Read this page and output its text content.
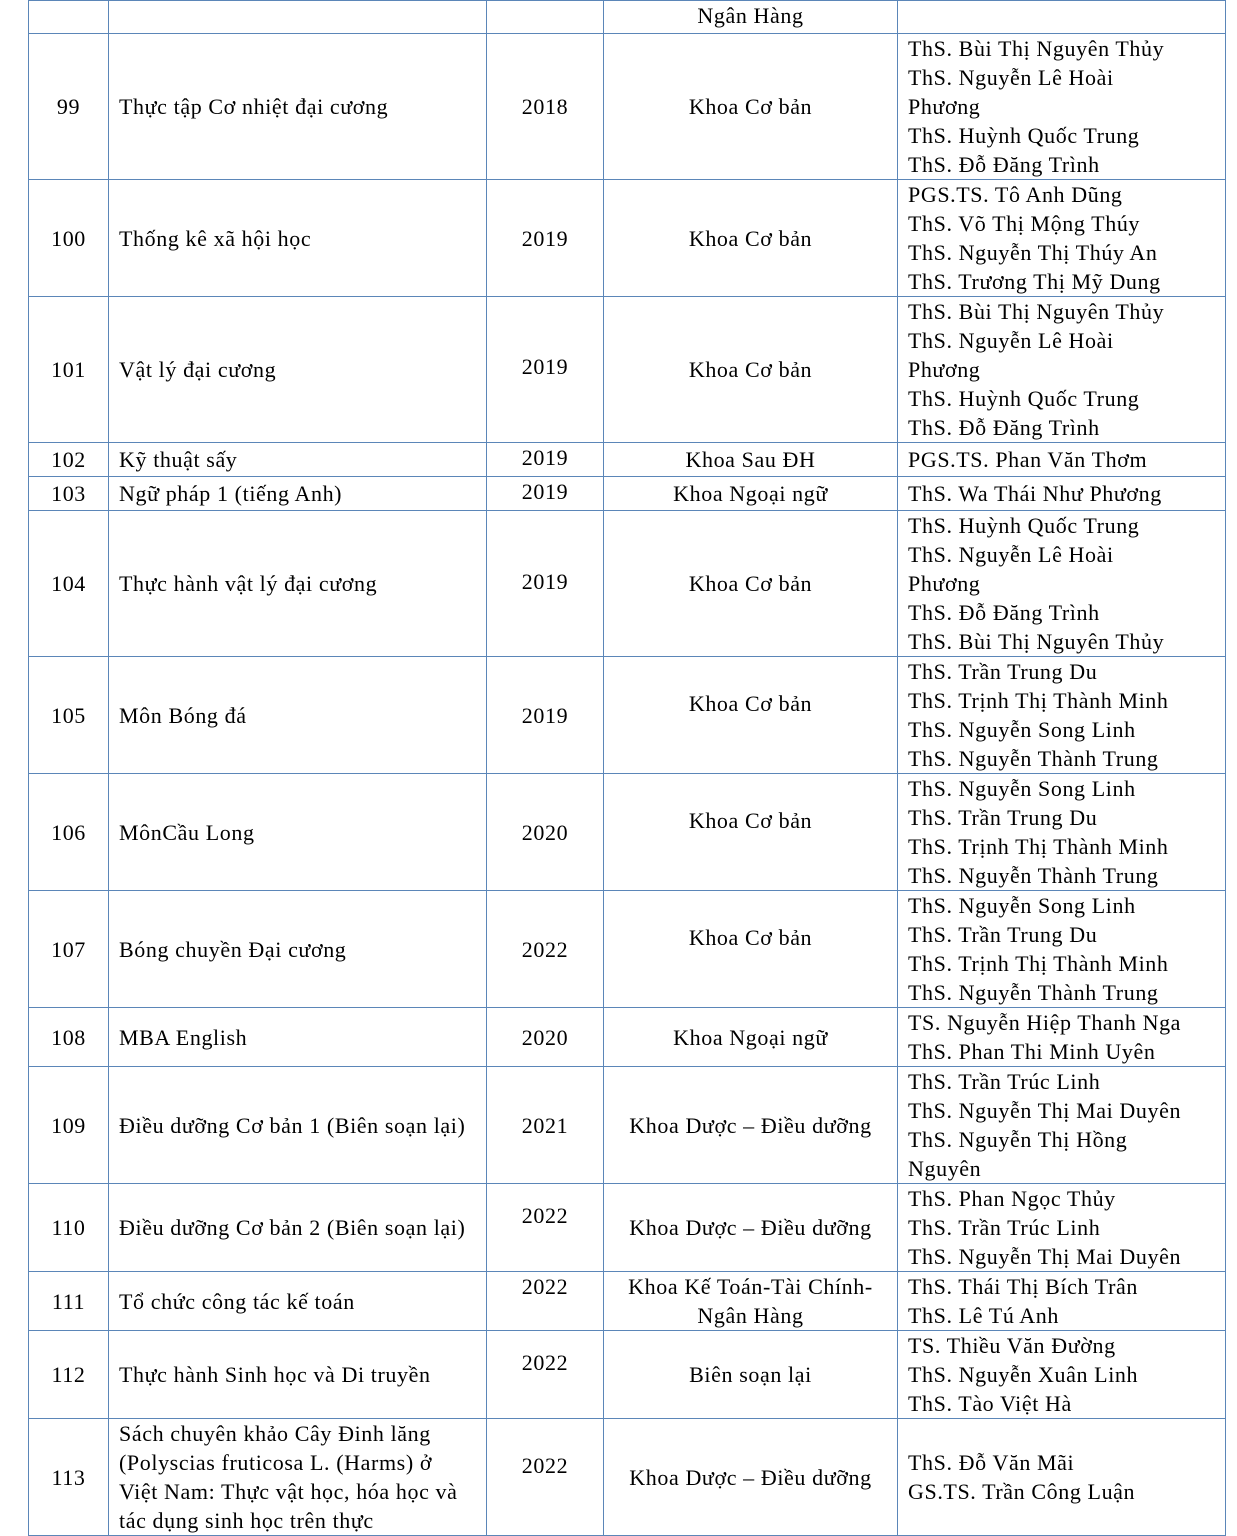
			Ngân Hàng	
99	Thực tập Cơ nhiệt đại cương	2018	Khoa Cơ bản	ThS. Bùi Thị Nguyên Thủy
ThS. Nguyễn Lê Hoài Phương
ThS. Huỳnh Quốc Trung
ThS. Đỗ Đăng Trình

100	Thống kê xã hội học	2019	Khoa Cơ bản	PGS.TS. Tô Anh Dũng
ThS. Võ Thị Mộng Thúy
ThS. Nguyễn Thị Thúy An
ThS. Trương Thị Mỹ Dung

101	Vật lý đại cương	2019	Khoa Cơ bản	ThS. Bùi Thị Nguyên Thủy
ThS. Nguyễn Lê Hoài Phương
ThS. Huỳnh Quốc Trung
ThS. Đỗ Đăng Trình

102	Kỹ thuật sấy	2019	Khoa Sau ĐH	PGS.TS. Phan Văn Thơm

103	Ngữ pháp 1 (tiếng Anh)	2019	Khoa Ngoại ngữ	ThS. Wa Thái Như Phương

104	Thực hành vật lý đại cương	2019	Khoa Cơ bản	ThS. Huỳnh Quốc Trung
ThS. Nguyễn Lê Hoài Phương
ThS. Đỗ Đăng Trình
ThS. Bùi Thị Nguyên Thủy

105	Môn Bóng đá	2019	Khoa Cơ bản	ThS. Trần Trung Du
ThS. Trịnh Thị Thành Minh
ThS. Nguyễn Song Linh
ThS. Nguyễn Thành Trung

106	MônCầu Long	2020	Khoa Cơ bản	ThS. Nguyễn Song Linh
ThS. Trần Trung Du
ThS. Trịnh Thị Thành Minh
ThS. Nguyễn Thành Trung

107	Bóng chuyền Đại cương	2022	Khoa Cơ bản	ThS. Nguyễn Song Linh
ThS. Trần Trung Du
ThS. Trịnh Thị Thành Minh
ThS. Nguyễn Thành Trung

108	MBA English	2020	Khoa Ngoại ngữ	TS. Nguyễn Hiệp Thanh Nga
ThS. Phan Thi Minh Uyên

109	Điều dưỡng Cơ bản 1 (Biên soạn lại)	2021	Khoa Dược – Điều dưỡng	ThS. Trần Trúc Linh
ThS. Nguyễn Thị Mai Duyên
ThS. Nguyễn Thị Hồng Nguyên

110	Điều dưỡng Cơ bản 2 (Biên soạn lại)	2022	Khoa Dược – Điều dưỡng	ThS. Phan Ngọc Thủy
ThS. Trần Trúc Linh
ThS. Nguyễn Thị Mai Duyên

111	Tổ chức công tác kế toán	2022	Khoa Kế Toán-Tài Chính-Ngân Hàng	ThS. Thái Thị Bích Trân
ThS. Lê Tú Anh

112	Thực hành Sinh học và Di truyền	2022	Biên soạn lại	TS. Thiều Văn Đường
ThS. Nguyễn Xuân Linh
ThS. Tào Việt Hà

113	Sách chuyên khảo Cây Đinh lăng (Polyscias fruticosa L. (Harms) ở Việt Nam: Thực vật học, hóa học và tác dụng sinh học trên thực	2022	Khoa Dược – Điều dưỡng	ThS. Đỗ Văn Mãi
GS.TS. Trần Công Luận
